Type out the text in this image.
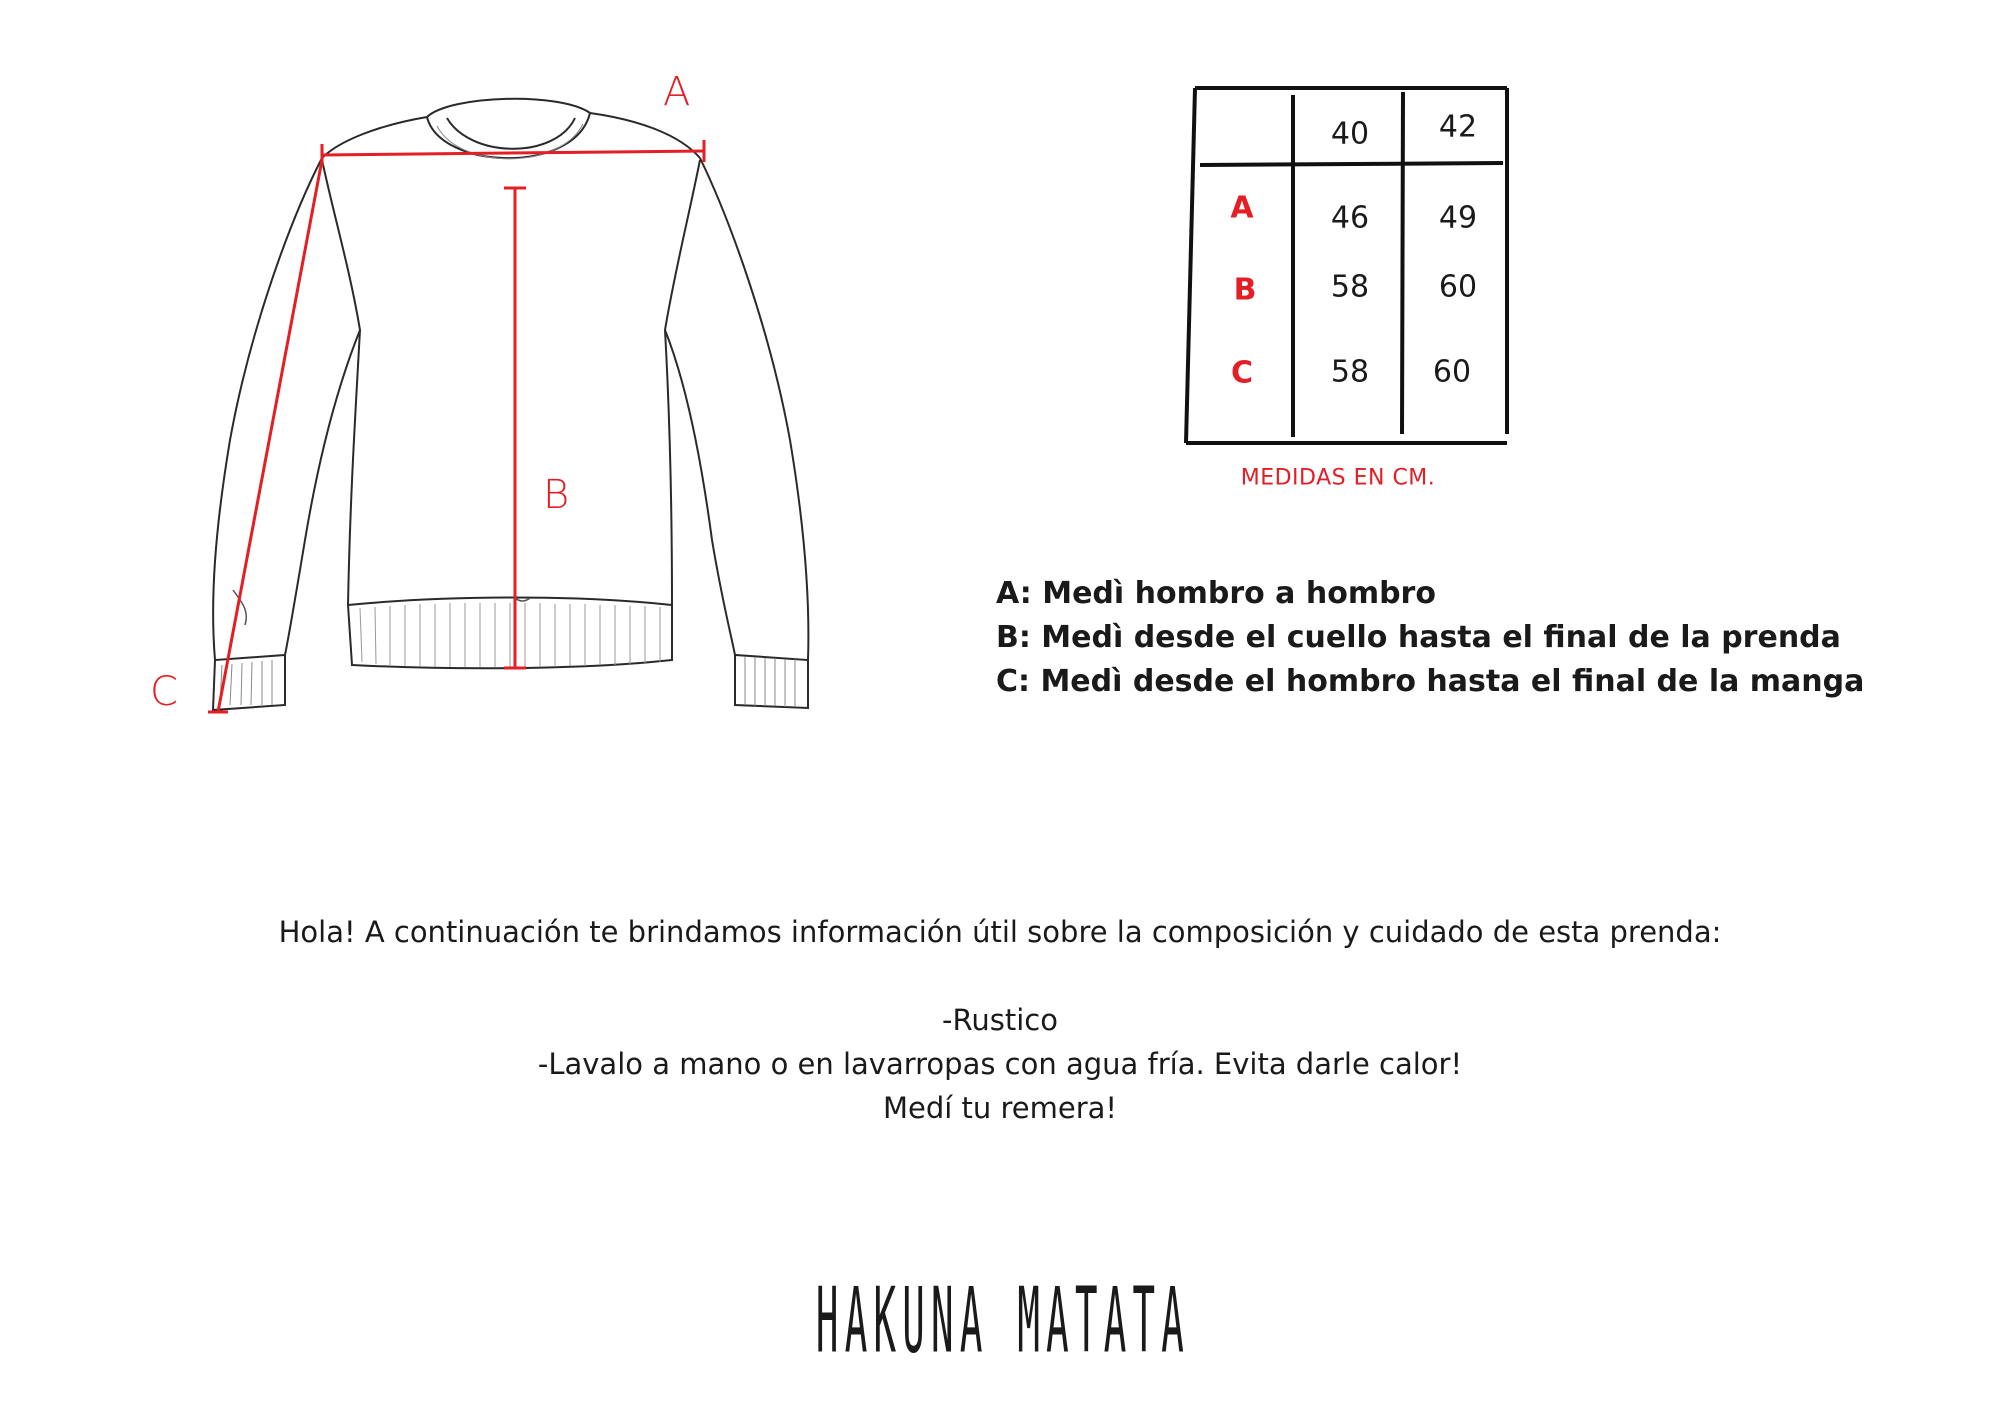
A
B
C
40 42
A	46 49
B 58 60
C	58 60
MEDIDAS EN CM.
A: Medì hombro a hombro
B: Medì desde el cuello hasta el final de la prenda
C: Medì desde el hombro hasta el final de la manga
Hola! A continuación te brindamos información útil sobre la composición y cuidado de esta prenda:
-Rustico
-Lavalo a mano o en lavarropas con agua fría. Evita darle calor!
Medí tu remera!
HAKUNA MATATA
